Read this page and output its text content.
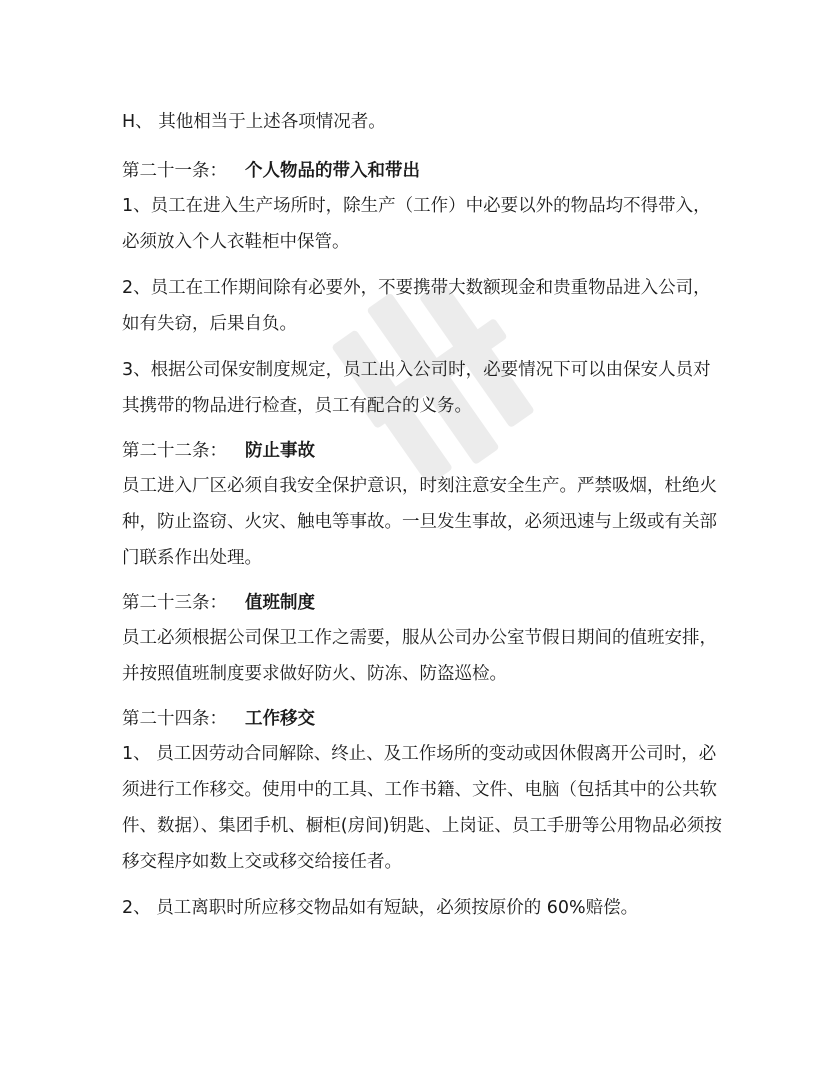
H、 其他相当于上述各项情况者。

第二十一条： 个人物品的带入和带出

1、员工在进入生产场所时，除生产（工作）中必要以外的物品均不得带入，必须放入个人衣鞋柜中保管。

2、员工在工作期间除有必要外，不要携带大数额现金和贵重物品进入公司，如有失窃，后果自负。

3、根据公司保安制度规定，员工出入公司时，必要情况下可以由保安人员对其携带的物品进行检查，员工有配合的义务。

第二十二条： 防止事故

员工进入厂区必须自我安全保护意识，时刻注意安全生产。严禁吸烟，杜绝火种，防止盗窃、火灾、触电等事故。一旦发生事故，必须迅速与上级或有关部门联系作出处理。

第二十三条： 值班制度

员工必须根据公司保卫工作之需要，服从公司办公室节假日期间的值班安排，并按照值班制度要求做好防火、防冻、防盗巡检。

第二十四条： 工作移交

1、 员工因劳动合同解除、终止、及工作场所的变动或因休假离开公司时，必须进行工作移交。使用中的工具、工作书籍、文件、电脑（包括其中的公共软件、数据）、集团手机、橱柜(房间)钥匙、上岗证、员工手册等公用物品必须按移交程序如数上交或移交给接任者。

2、 员工离职时所应移交物品如有短缺，必须按原价的 60%赔偿。
